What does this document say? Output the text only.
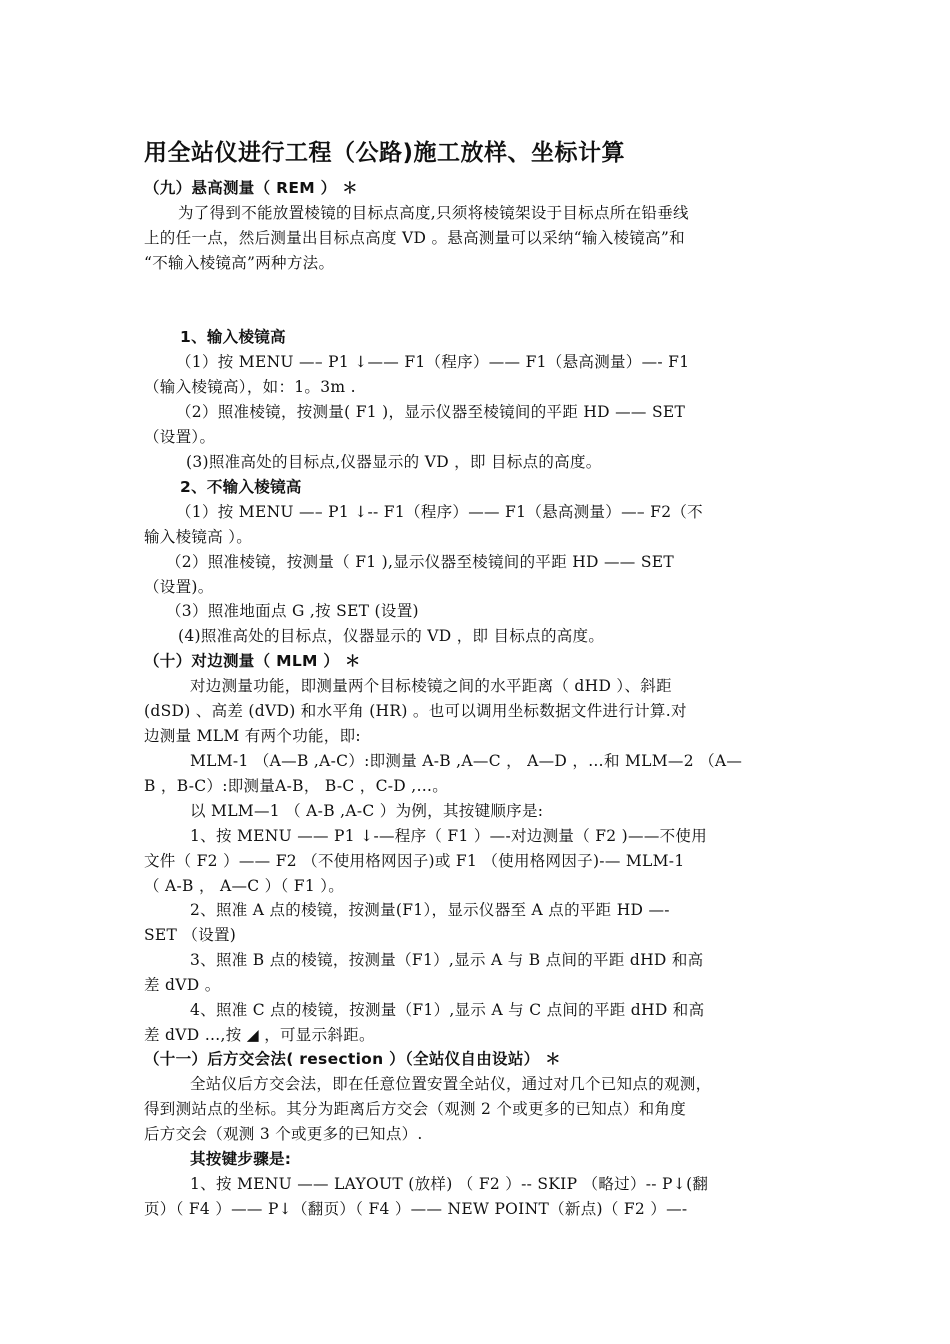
用全站仪进行工程（公路)施工放样、坐标计算
（九）悬高测量（ REM ） ＊
为了得到不能放置棱镜的目标点高度,只须将棱镜架设于目标点所在铅垂线
上的任一点，然后测量出目标点高度 VD 。悬高测量可以采纳“输入棱镜高”和
“不输入棱镜高”两种方法。
1、输入棱镜高
（1）按 MENU —– P1 ↓—— F1（程序）—— F1（悬高测量）—- F1
（输入棱镜高），如：1。3m .
（2）照准棱镜，按测量( F1 )，显示仪器至棱镜间的平距 HD —— SET
（设置）。
(3)照准高处的目标点,仪器显示的 VD ，即 目标点的高度。
2、不输入棱镜高
（1）按 MENU —– P1 ↓-- F1（程序）—— F1（悬高测量）—– F2（不
输入棱镜高 ）。
（2）照准棱镜，按测量（ F1 ),显示仪器至棱镜间的平距 HD —— SET
（设置)。
（3）照准地面点 G ,按 SET (设置)
(4)照准高处的目标点，仪器显示的 VD ，即 目标点的高度。
（十）对边测量（ MLM ） ＊
对边测量功能，即测量两个目标棱镜之间的水平距离（ dHD ）、斜距
(dSD) 、高差 (dVD) 和水平角 (HR) 。也可以调用坐标数据文件进行计算.对
边测量 MLM 有两个功能，即:
MLM-1 （A—B ,A-C）:即测量 A-B ,A—C ， A—D ，…和 MLM—2 （A—
B ，B-C）:即测量A-B， B-C ，C-D ,…。
以 MLM—1 （ A-B ,A-C ）为例，其按键顺序是:
1、按 MENU —— P1 ↓-—程序（ F1 ）—-对边测量（ F2 )——不使用
文件（ F2 ）—— F2 （不使用格网因子)或 F1 （使用格网因子)-— MLM-1
（ A-B ， A—C ）（ F1 ）。
2、照准 A 点的棱镜，按测量(F1），显示仪器至 A 点的平距 HD —-
SET （设置)
3、照准 B 点的棱镜，按测量（F1）,显示 A 与 B 点间的平距 dHD 和高
差 dVD 。
4、照准 C 点的棱镜，按测量（F1）,显示 A 与 C 点间的平距 dHD 和高
差 dVD …,按 ◢ ，可显示斜距。
（十一）后方交会法( resection ）（全站仪自由设站） ＊
全站仪后方交会法，即在任意位置安置全站仪，通过对几个已知点的观测，
得到测站点的坐标。其分为距离后方交会（观测 2 个或更多的已知点）和角度
后方交会（观测 3 个或更多的已知点）.
其按键步骤是:
1、按 MENU —— LAYOUT (放样) （ F2 ）-- SKIP （略过）-- P↓(翻
页）（ F4 ）—— P↓（翻页）（ F4 ）—— NEW POINT（新点)（ F2 ）—-
